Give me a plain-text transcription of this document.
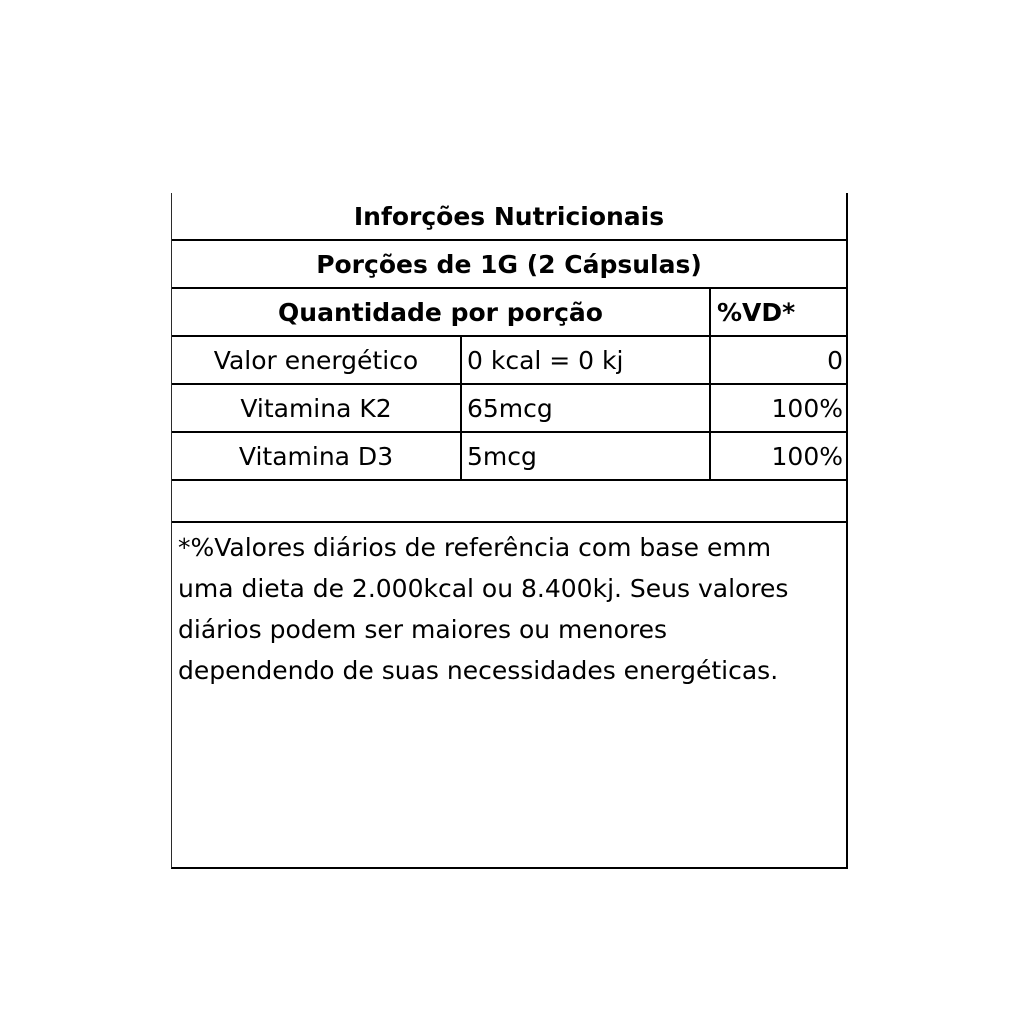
Inforções Nutricionais
Porções de 1G (2 Cápsulas)
Quantidade por porção	%VD*
Valor energético	0 kcal = 0 kj	0
Vitamina K2	65mcg	100%
Vitamina D3	5mcg	100%
*%Valores diários de referência com base emm
uma dieta de 2.000kcal ou 8.400kj. Seus valores
diários podem ser maiores ou menores
dependendo de suas necessidades energéticas.
